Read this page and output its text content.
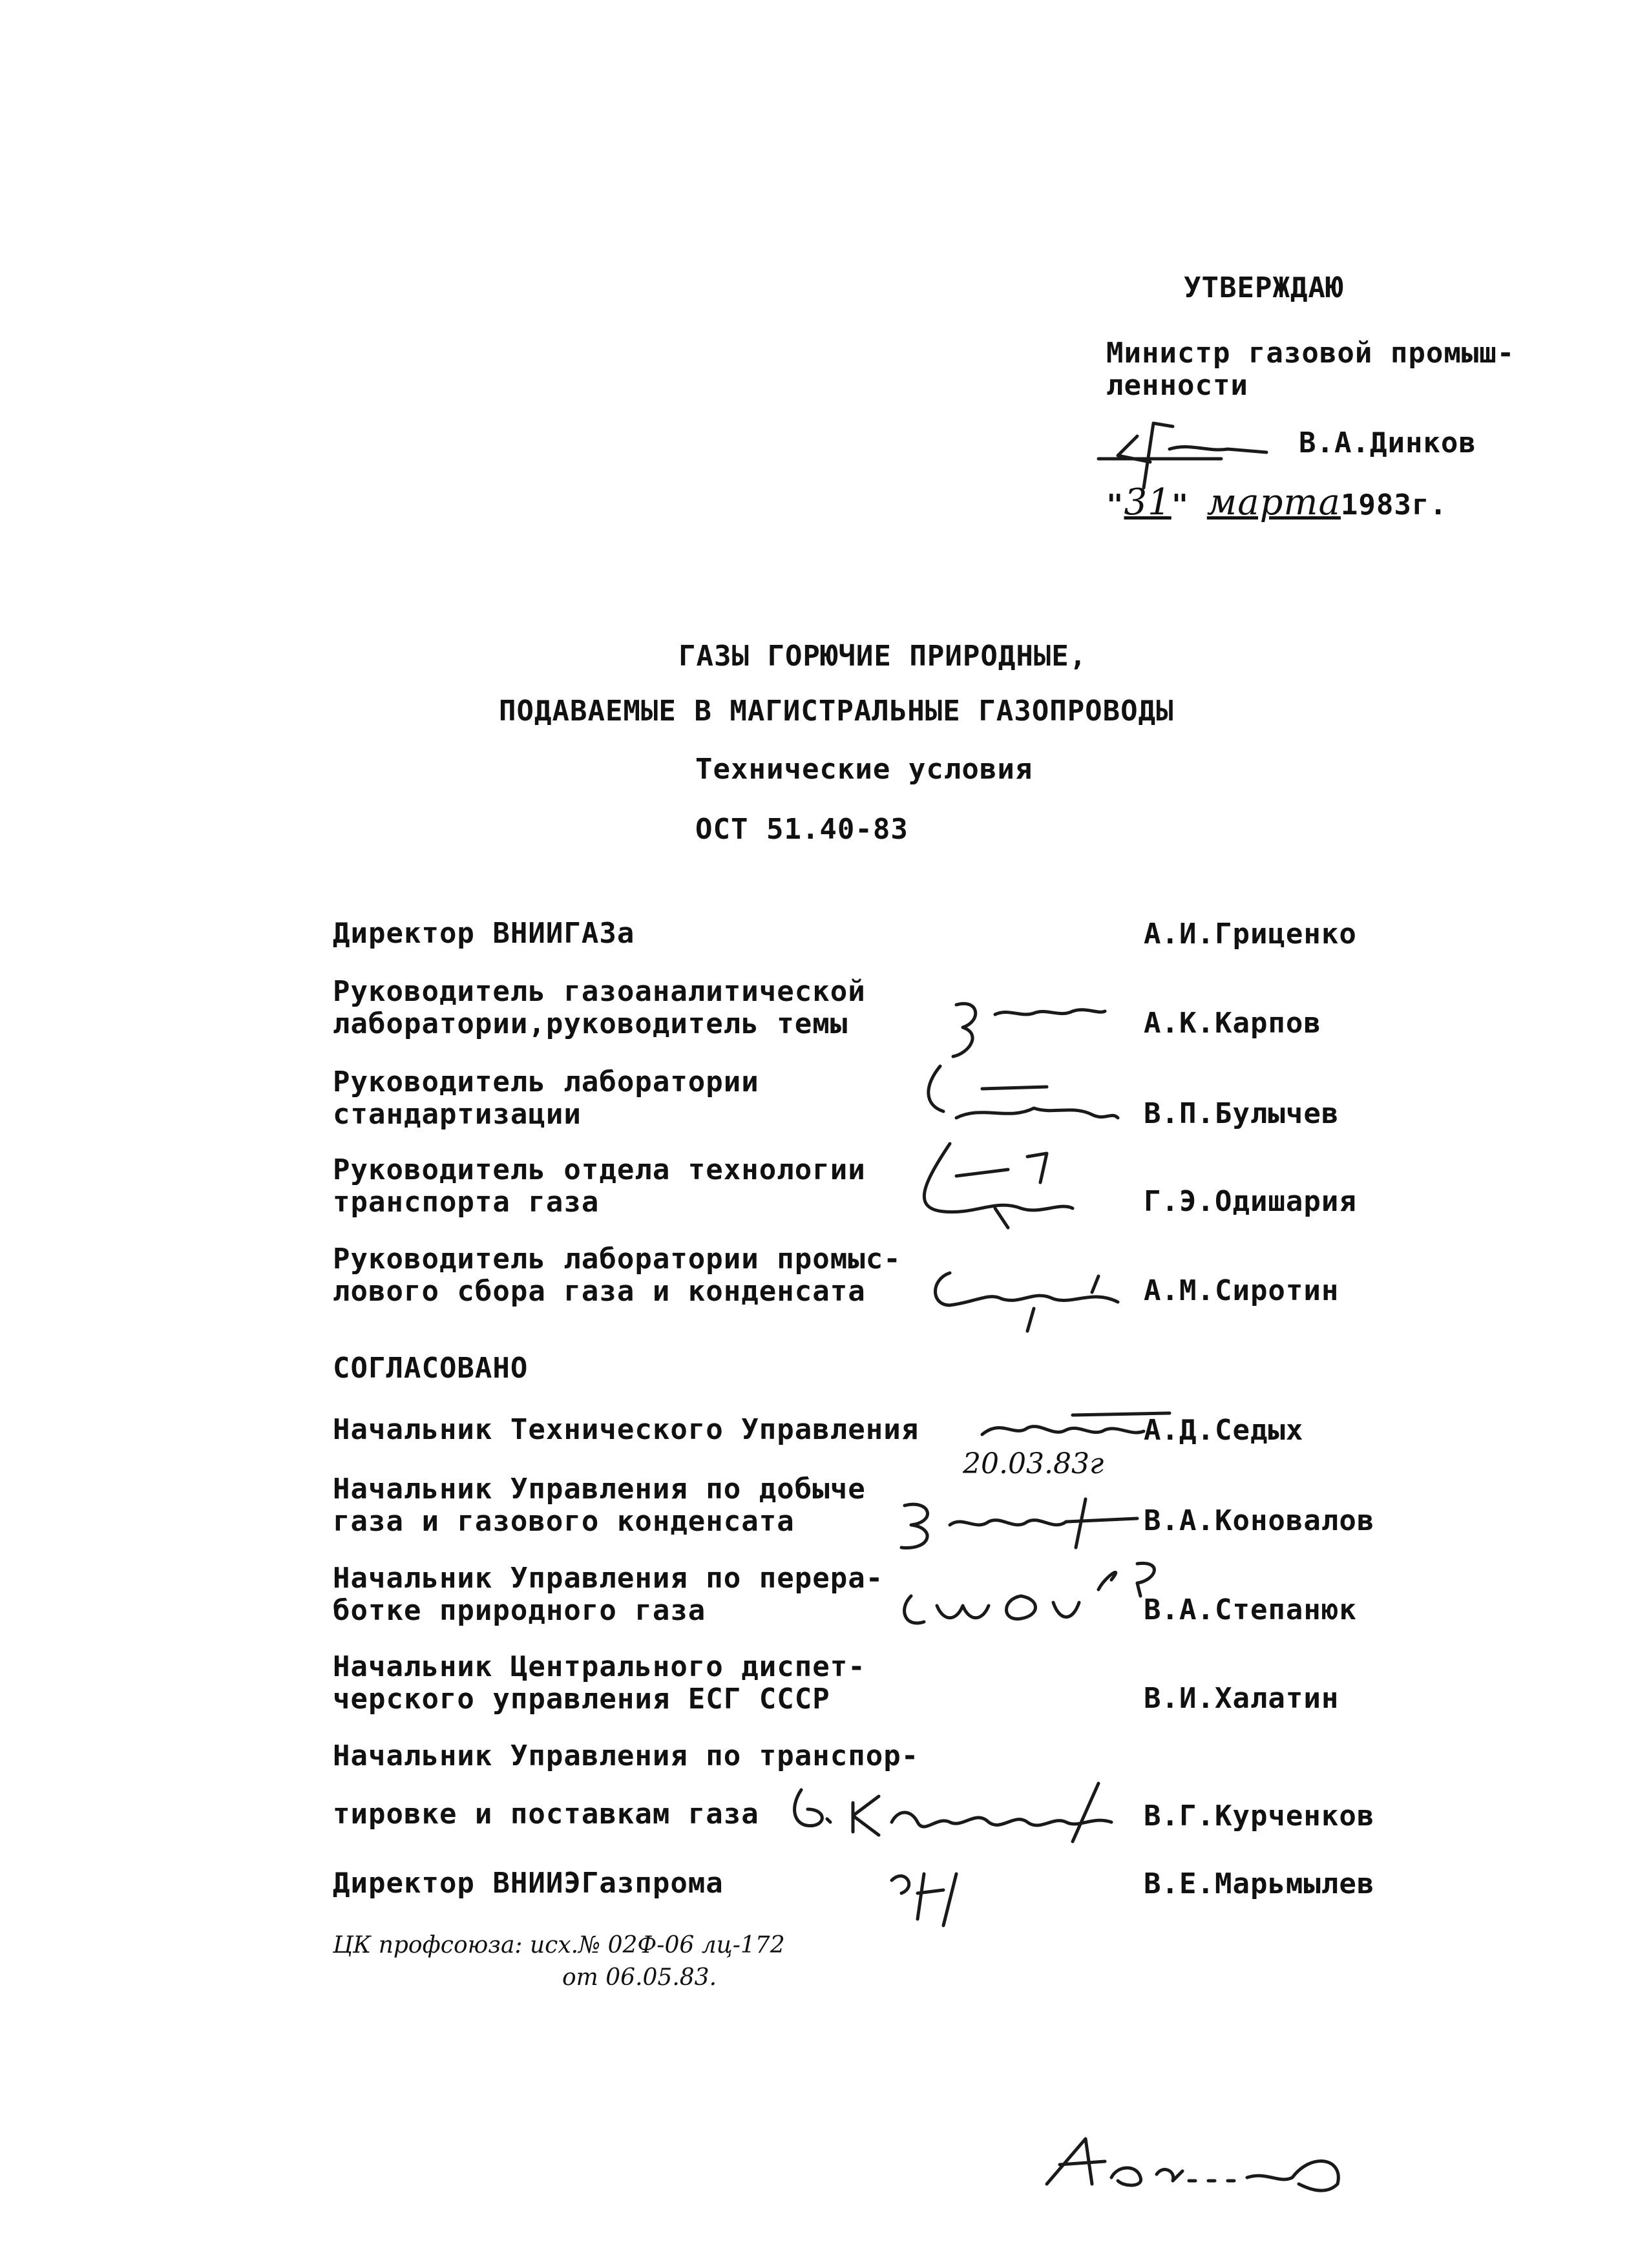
УТВЕРЖДАЮ
Министр газовой промыш-
ленности
В.А.Динков
"31" марта1983г.
ГАЗЫ ГОРЮЧИЕ ПРИРОДНЫЕ,
ПОДАВАЕМЫЕ В МАГИСТРАЛЬНЫЕ ГАЗОПРОВОДЫ
Технические условия
ОСТ 51.40-83
Директор ВНИИГАЗа	А.И.Гриценко
Руководитель газоаналитической
лаборатории,руководитель темы	А.К.Карпов
Руководитель лаборатории
стандартизации	В.П.Булычев
Руководитель отдела технологии
транспорта газа	Г.Э.Одишария
Руководитель лаборатории промыс-
лового сбора газа и конденсата	А.М.Сиротин
СОГЛАСОВАНО
Начальник Технического Управления	А.Д.Седых
20.03.83г
Начальник Управления по добыче
газа и газового конденсата	В.А.Коновалов
Начальник Управления по перера-
ботке природного газа	В.А.Степанюк
Начальник Центрального диспет-
черского управления ЕСГ СССР	В.И.Халатин
Начальник Управления по транспор-

тировке и поставкам газа	В.Г.Курченков
Директор ВНИИЭГазпрома	В.Е.Марьмылев
ЦК профсоюза: исх.№ 02Ф-06 лц-172
от 06.05.83.
